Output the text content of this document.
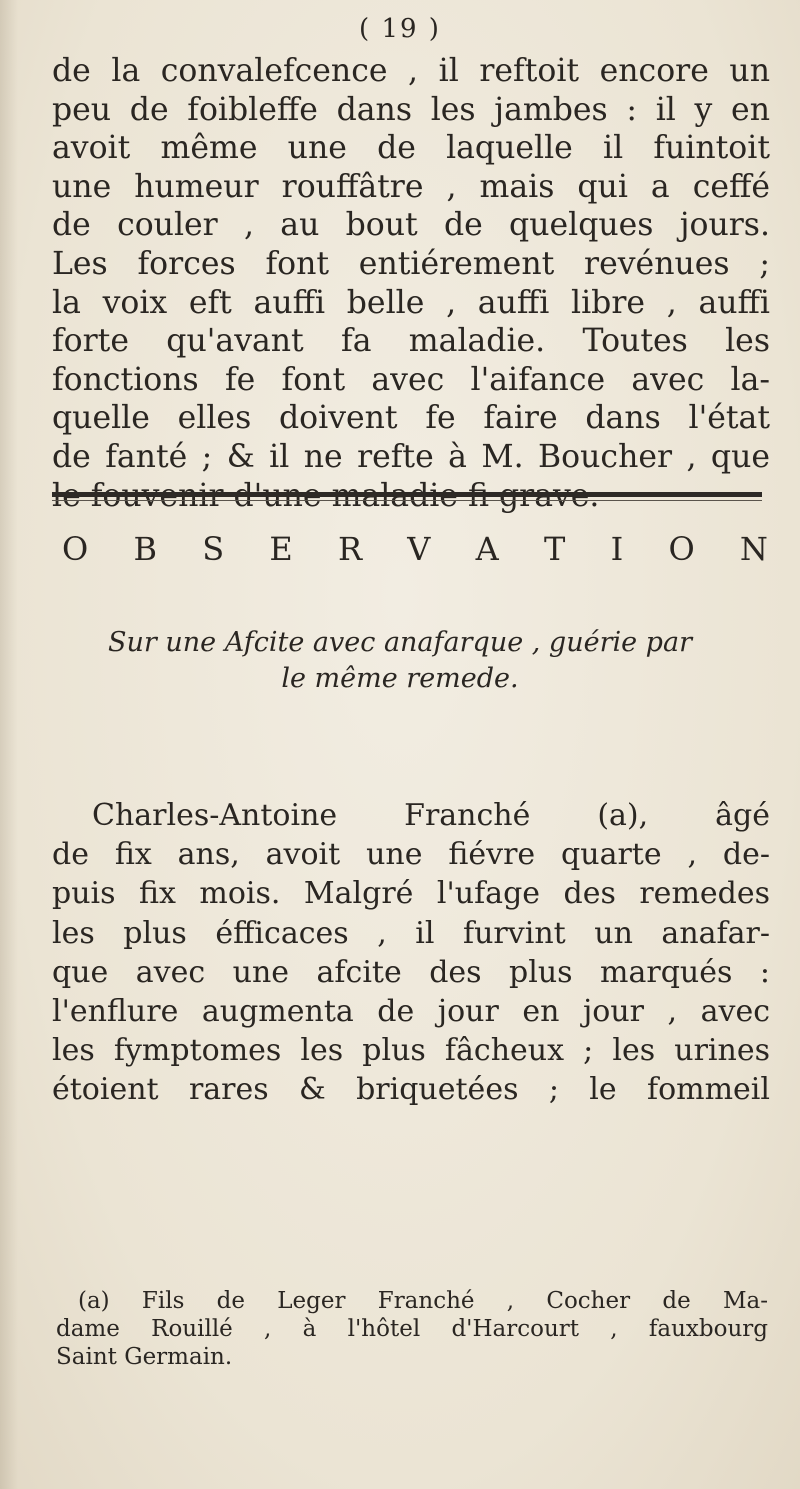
( 19 )
de la convalefcence , il reftoit encore un
peu de foibleffe dans les jambes : il y en
avoit même une de laquelle il fuintoit
une humeur rouffâtre , mais qui a ceffé
de couler , au bout de quelques jours.
Les forces font entiérement revénues ;
la voix eft auffi belle , auffi libre , auffi
forte qu'avant fa maladie. Toutes les
fonctions fe font avec l'aifance avec la-
quelle elles doivent fe faire dans l'état
de fanté ; & il ne refte à M. Boucher , que
le fouvenir d'une maladie fi grave.
O B S E R V A T I O N
Sur une Afcite avec anafarque , guérie par
le même remede.
Charles-Antoine Franché (a), âgé
de fix ans, avoit une fiévre quarte , de-
puis fix mois. Malgré l'ufage des remedes
les plus éfficaces , il furvint un anafar-
que avec une afcite des plus marqués :
l'enflure augmenta de jour en jour , avec
les fymptomes les plus fâcheux ; les urines
étoient rares & briquetées ; le fommeil
(a) Fils de Leger Franché , Cocher de Ma-
dame Rouillé , à l'hôtel d'Harcourt , fauxbourg
Saint Germain.
